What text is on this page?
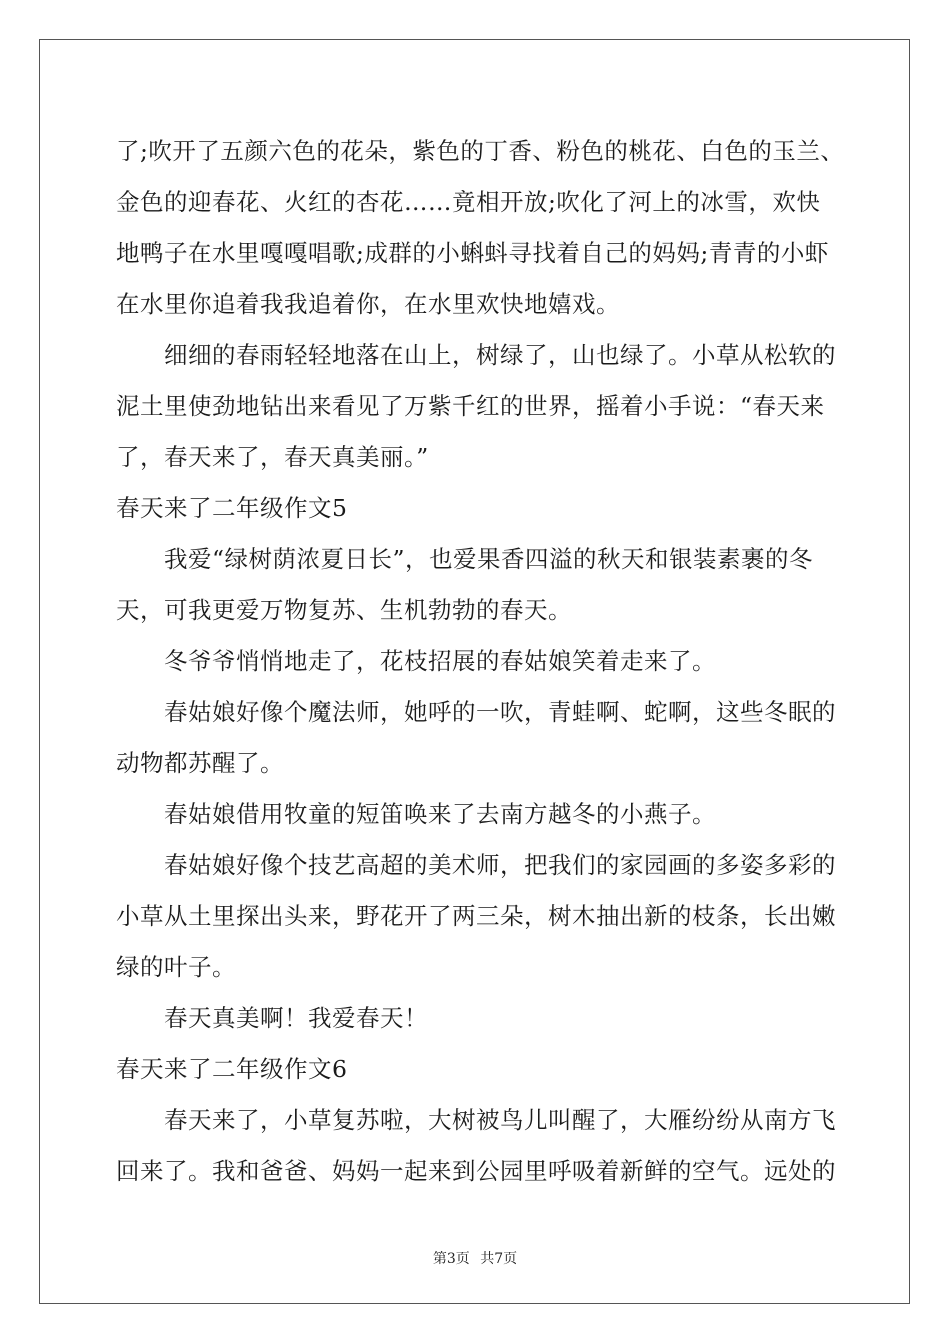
了;吹开了五颜六色的花朵，紫色的丁香、粉色的桃花、白色的玉兰、
金色的迎春花、火红的杏花……竟相开放;吹化了河上的冰雪，欢快
地鸭子在水里嘎嘎唱歌;成群的小蝌蚪寻找着自己的妈妈;青青的小虾
在水里你追着我我追着你，在水里欢快地嬉戏。
细细的春雨轻轻地落在山上，树绿了，山也绿了。小草从松软的
泥土里使劲地钻出来看见了万紫千红的世界，摇着小手说：“春天来
了，春天来了，春天真美丽。”
春天来了二年级作文5
我爱“绿树荫浓夏日长”，也爱果香四溢的秋天和银装素裹的冬
天，可我更爱万物复苏、生机勃勃的春天。
冬爷爷悄悄地走了，花枝招展的春姑娘笑着走来了。
春姑娘好像个魔法师，她呼的一吹，青蛙啊、蛇啊，这些冬眠的
动物都苏醒了。
春姑娘借用牧童的短笛唤来了去南方越冬的小燕子。
春姑娘好像个技艺高超的美术师，把我们的家园画的多姿多彩的
小草从土里探出头来，野花开了两三朵，树木抽出新的枝条，长出嫩
绿的叶子。
春天真美啊！我爱春天！
春天来了二年级作文6
春天来了，小草复苏啦，大树被鸟儿叫醒了，大雁纷纷从南方飞
回来了。我和爸爸、妈妈一起来到公园里呼吸着新鲜的空气。远处的
第3页 共7页
